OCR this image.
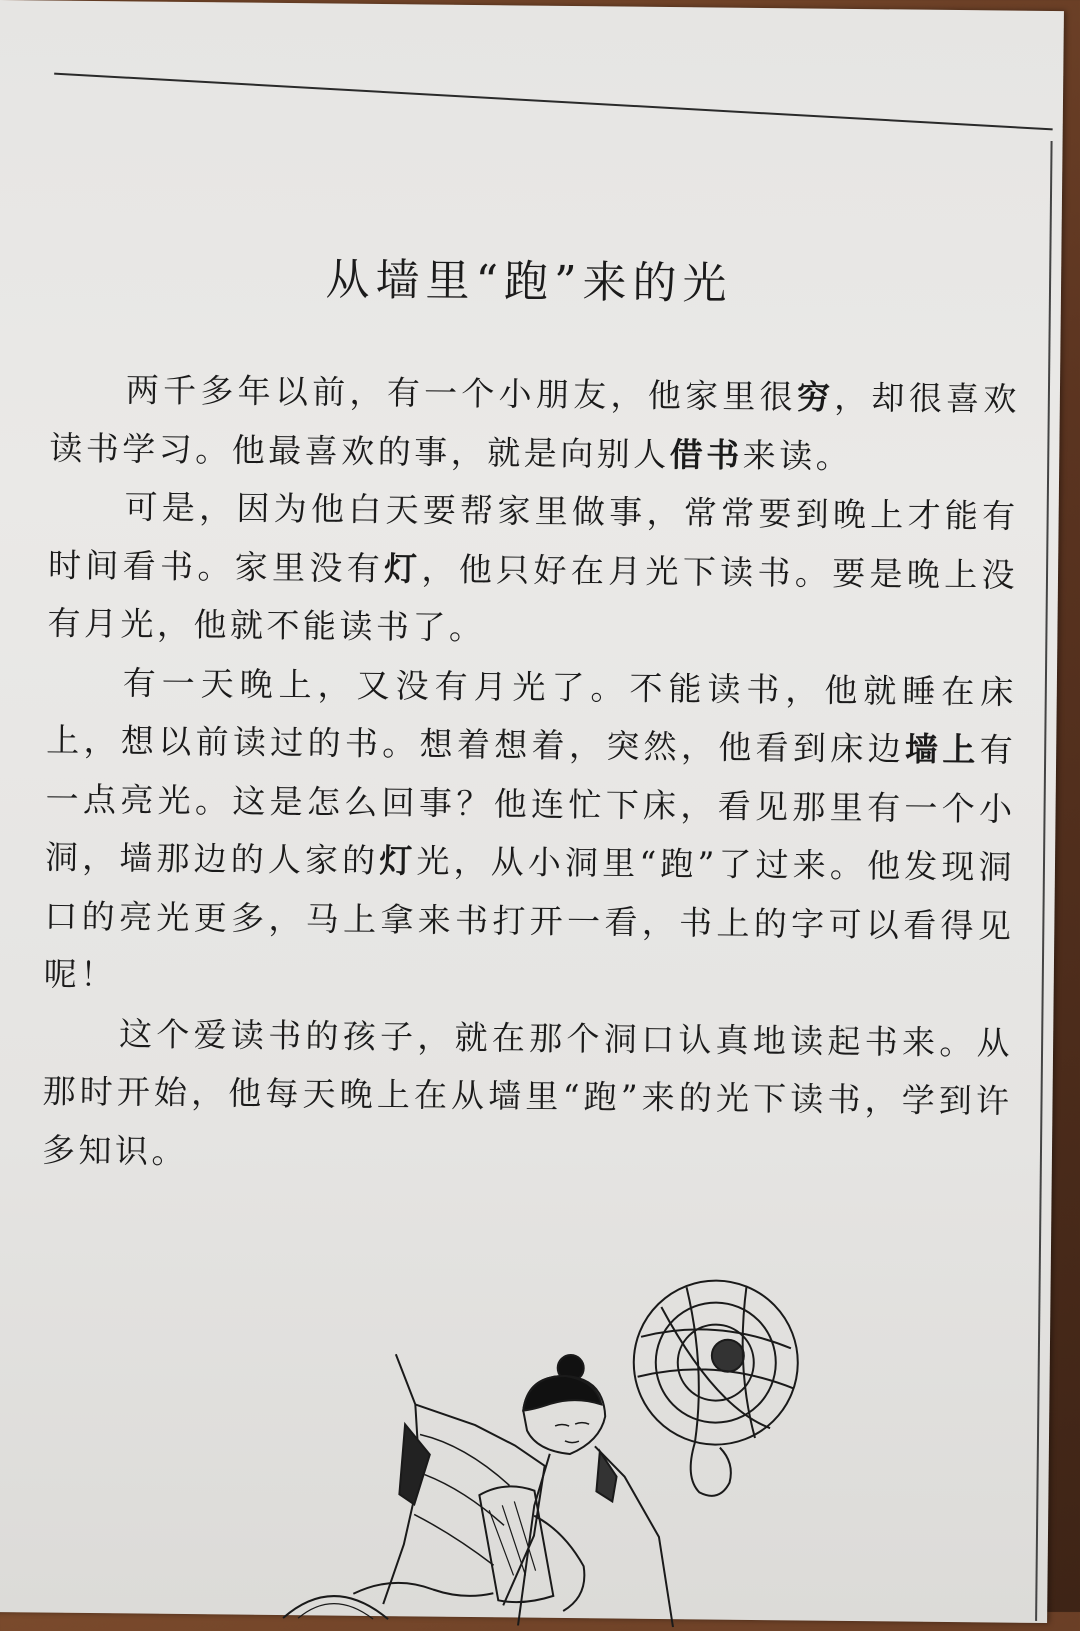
从墙里“跑”来的光

两千多年以前，有一个小朋友，他家里很穷，却很喜欢读书学习。他最喜欢的事，就是向别人借书来读。

可是，因为他白天要帮家里做事，常常要到晚上才能有时间看书。家里没有灯，他只好在月光下读书。要是晚上没有月光，他就不能读书了。

有一天晚上，又没有月光了。不能读书，他就睡在床上，想以前读过的书。想着想着，突然，他看到床边墙上有一点亮光。这是怎么回事？他连忙下床，看见那里有一个小洞，墙那边的人家的灯光，从小洞里“跑”了过来。他发现洞口的亮光更多，马上拿来书打开一看，书上的字可以看得见呢！

这个爱读书的孩子，就在那个洞口认真地读起书来。从那时开始，他每天晚上在从墙里“跑”来的光下读书，学到许多知识。
